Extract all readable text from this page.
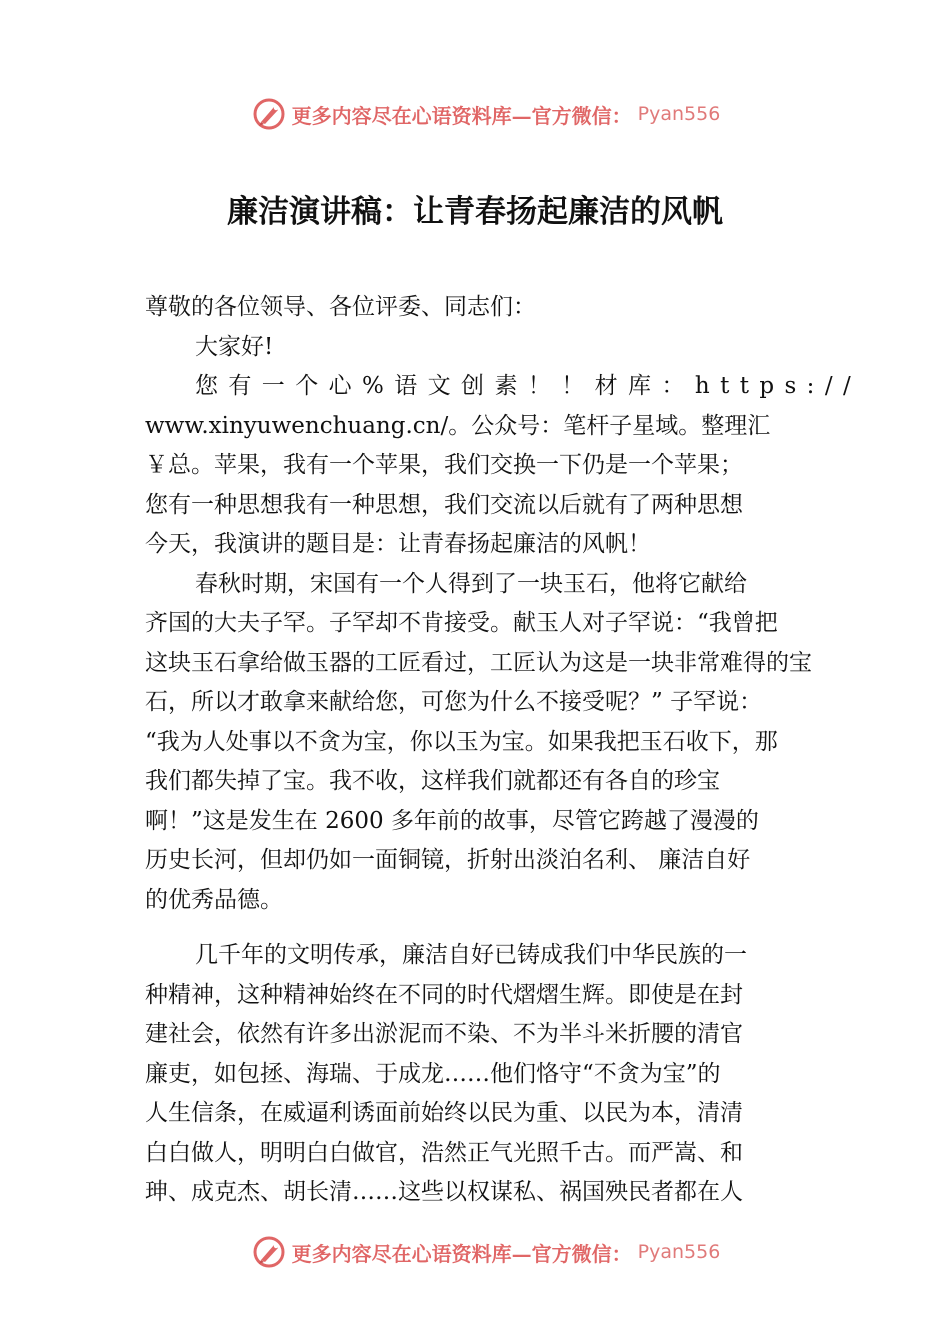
更多内容尽在心语资料库—官方微信： Pyan556
廉洁演讲稿：让青春扬起廉洁的风帆
尊敬的各位领导、各位评委、同志们：
大家好!
您有一个心%语文创素！！材库：https://
www.xinyuwenchuang.cn/。公众号：笔杆子星域。整理汇
￥总。苹果，我有一个苹果，我们交换一下仍是一个苹果；
您有一种思想我有一种思想，我们交流以后就有了两种思想
今天，我演讲的题目是：让青春扬起廉洁的风帆！
春秋时期，宋国有一个人得到了一块玉石，他将它献给
齐国的大夫子罕。子罕却不肯接受。献玉人对子罕说：“我曾把
这块玉石拿给做玉器的工匠看过，工匠认为这是一块非常难得的宝
石，所以才敢拿来献给您，可您为什么不接受呢？” 子罕说：
“我为人处事以不贪为宝，你以玉为宝。如果我把玉石收下，那
我们都失掉了宝。我不收，这样我们就都还有各自的珍宝
啊！”这是发生在 2600 多年前的故事，尽管它跨越了漫漫的
历史长河，但却仍如一面铜镜，折射出淡泊名利、 廉洁自好
的优秀品德。
几千年的文明传承，廉洁自好已铸成我们中华民族的一
种精神，这种精神始终在不同的时代熠熠生辉。即使是在封
建社会，依然有许多出淤泥而不染、不为半斗米折腰的清官
廉吏，如包拯、海瑞、于成龙……他们恪守“不贪为宝”的
人生信条，在威逼利诱面前始终以民为重、以民为本，清清
白白做人，明明白白做官，浩然正气光照千古。而严嵩、和
珅、成克杰、胡长清……这些以权谋私、祸国殃民者都在人
更多内容尽在心语资料库—官方微信： Pyan556
